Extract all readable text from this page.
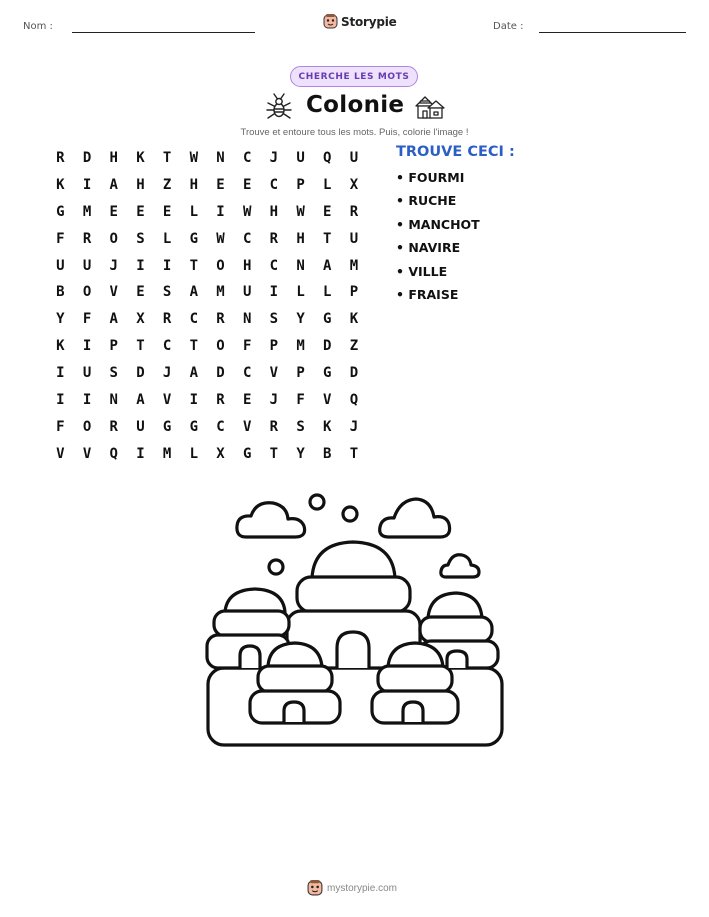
Nom :	Storypie	Date :
CHERCHE LES MOTS
Colonie
Trouve et entoure tous les mots. Puis, colorie l'image !
R	D	H	K	T	W	N	C	J	U	Q	U
K	I	A	H	Z	H	E	E	C	P	L	X
G	M	E	E	E	L	I	W	H	W	E	R
F	R	O	S	L	G	W	C	R	H	T	U
U	U	J	I	I	T	O	H	C	N	A	M
B	O	V	E	S	A	M	U	I	L	L	P
Y	F	A	X	R	C	R	N	S	Y	G	K
K	I	P	T	C	T	O	F	P	M	D	Z
I	U	S	D	J	A	D	C	V	P	G	D
I	I	N	A	V	I	R	E	J	F	V	Q
F	O	R	U	G	G	C	V	R	S	K	J
V	V	Q	I	M	L	X	G	T	Y	B	T
TROUVE CECI :
• FOURMI
• RUCHE
• MANCHOT
• NAVIRE
• VILLE
• FRAISE
mystorypie.com
